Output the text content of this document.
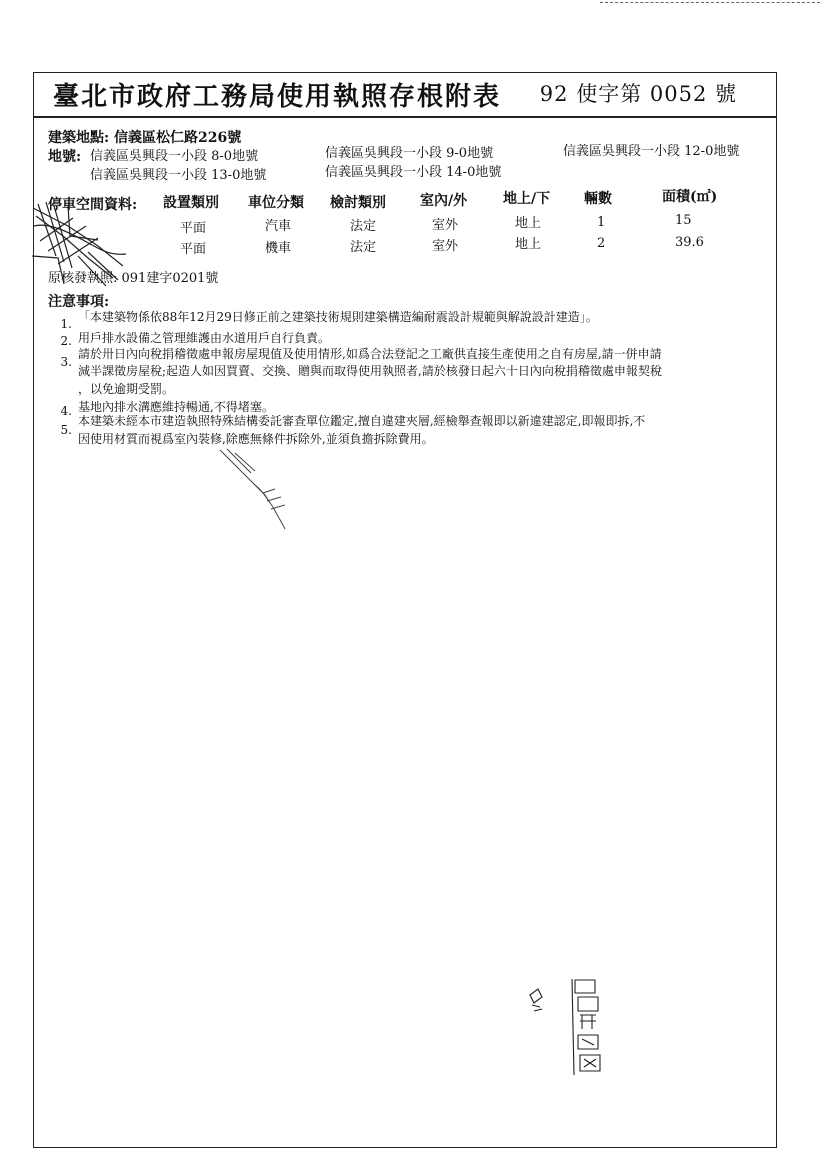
臺北市政府工務局使用執照存根附表 92 使字第 0052 號
建築地點: 信義區松仁路226號
地號: 信義區吳興段一小段 8-0地號	信義區吳興段一小段 9-0地號	信義區吳興段一小段 12-0地號
信義區吳興段一小段 13-0地號	信義區吳興段一小段 14-0地號
停車空間資料: 設置類別 車位分類 檢討類別 室內/外	地上/下 輛數	面積(㎡)
平面	汽車	法定	室外	地上	1	15
平面	機車	法定	室外	地上	2	39.6
原核發執照: 091建字0201號
注意事項:
1. 「本建築物係依88年12月29日修正前之建築技術規則建築構造編耐震設計規範與解說設計建造」。
2. 用戶排水設備之管理維護由水道用戶自行負責。
3.
請於卅日內向稅捐稽徵處申報房屋現值及使用情形,如爲合法登記之工廠供直接生產使用之自有房屋,請一併申請
減半課徵房屋稅;起造人如因買賣、交換、贈與而取得使用執照者,請於核發日起六十日內向稅捐稽徵處申報契稅
，以免逾期受罰。
4. 基地內排水溝應維持暢通,不得堵塞。
5.
本建築未經本市建造執照特殊結構委託審查單位鑑定,擅自違建夾層,經檢舉查報即以新違建認定,即報即拆,不
因使用材質而視爲室內裝修,除應無條件拆除外,並須負擔拆除費用。
